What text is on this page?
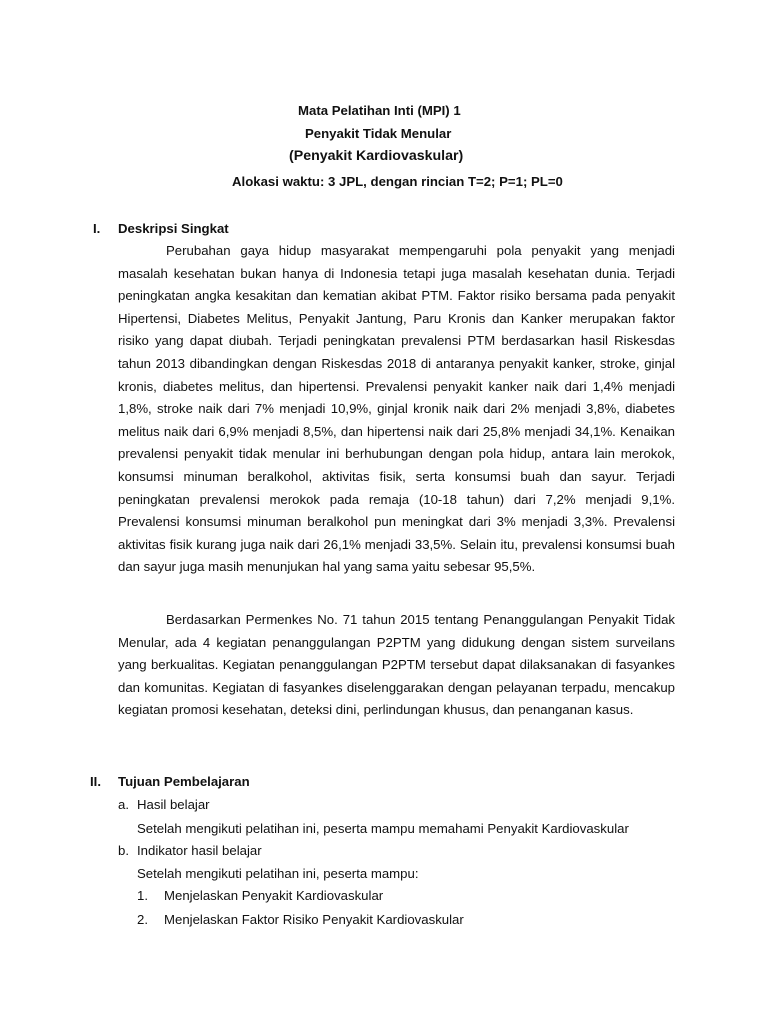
Mata Pelatihan Inti (MPI) 1
Penyakit Tidak Menular
(Penyakit Kardiovaskular)
Alokasi waktu: 3 JPL, dengan rincian T=2; P=1; PL=0
I. Deskripsi Singkat

Perubahan gaya hidup masyarakat mempengaruhi pola penyakit yang menjadi masalah kesehatan bukan hanya di Indonesia tetapi juga masalah kesehatan dunia. Terjadi peningkatan angka kesakitan dan kematian akibat PTM. Faktor risiko bersama pada penyakit Hipertensi, Diabetes Melitus, Penyakit Jantung, Paru Kronis dan Kanker merupakan faktor risiko yang dapat diubah. Terjadi peningkatan prevalensi PTM berdasarkan hasil Riskesdas tahun 2013 dibandingkan dengan Riskesdas 2018 di antaranya penyakit kanker, stroke, ginjal kronis, diabetes melitus, dan hipertensi. Prevalensi penyakit kanker naik dari 1,4% menjadi 1,8%, stroke naik dari 7% menjadi 10,9%, ginjal kronik naik dari 2% menjadi 3,8%, diabetes melitus naik dari 6,9% menjadi 8,5%, dan hipertensi naik dari 25,8% menjadi 34,1%. Kenaikan prevalensi penyakit tidak menular ini berhubungan dengan pola hidup, antara lain merokok, konsumsi minuman beralkohol, aktivitas fisik, serta konsumsi buah dan sayur. Terjadi peningkatan prevalensi merokok pada remaja (10-18 tahun) dari 7,2% menjadi 9,1%. Prevalensi konsumsi minuman beralkohol pun meningkat dari 3% menjadi 3,3%. Prevalensi aktivitas fisik kurang juga naik dari 26,1% menjadi 33,5%. Selain itu, prevalensi konsumsi buah dan sayur juga masih menunjukan hal yang sama yaitu sebesar 95,5%.

Berdasarkan Permenkes No. 71 tahun 2015 tentang Penanggulangan Penyakit Tidak Menular, ada 4 kegiatan penanggulangan P2PTM yang didukung dengan sistem surveilans yang berkualitas. Kegiatan penanggulangan P2PTM tersebut dapat dilaksanakan di fasyankes dan komunitas. Kegiatan di fasyankes diselenggarakan dengan pelayanan terpadu, mencakup kegiatan promosi kesehatan, deteksi dini, perlindungan khusus, dan penanganan kasus.

II. Tujuan Pembelajaran
a. Hasil belajar
Setelah mengikuti pelatihan ini, peserta mampu memahami Penyakit Kardiovaskular
b. Indikator hasil belajar
Setelah mengikuti pelatihan ini, peserta mampu:
1. Menjelaskan Penyakit Kardiovaskular
2. Menjelaskan Faktor Risiko Penyakit Kardiovaskular
